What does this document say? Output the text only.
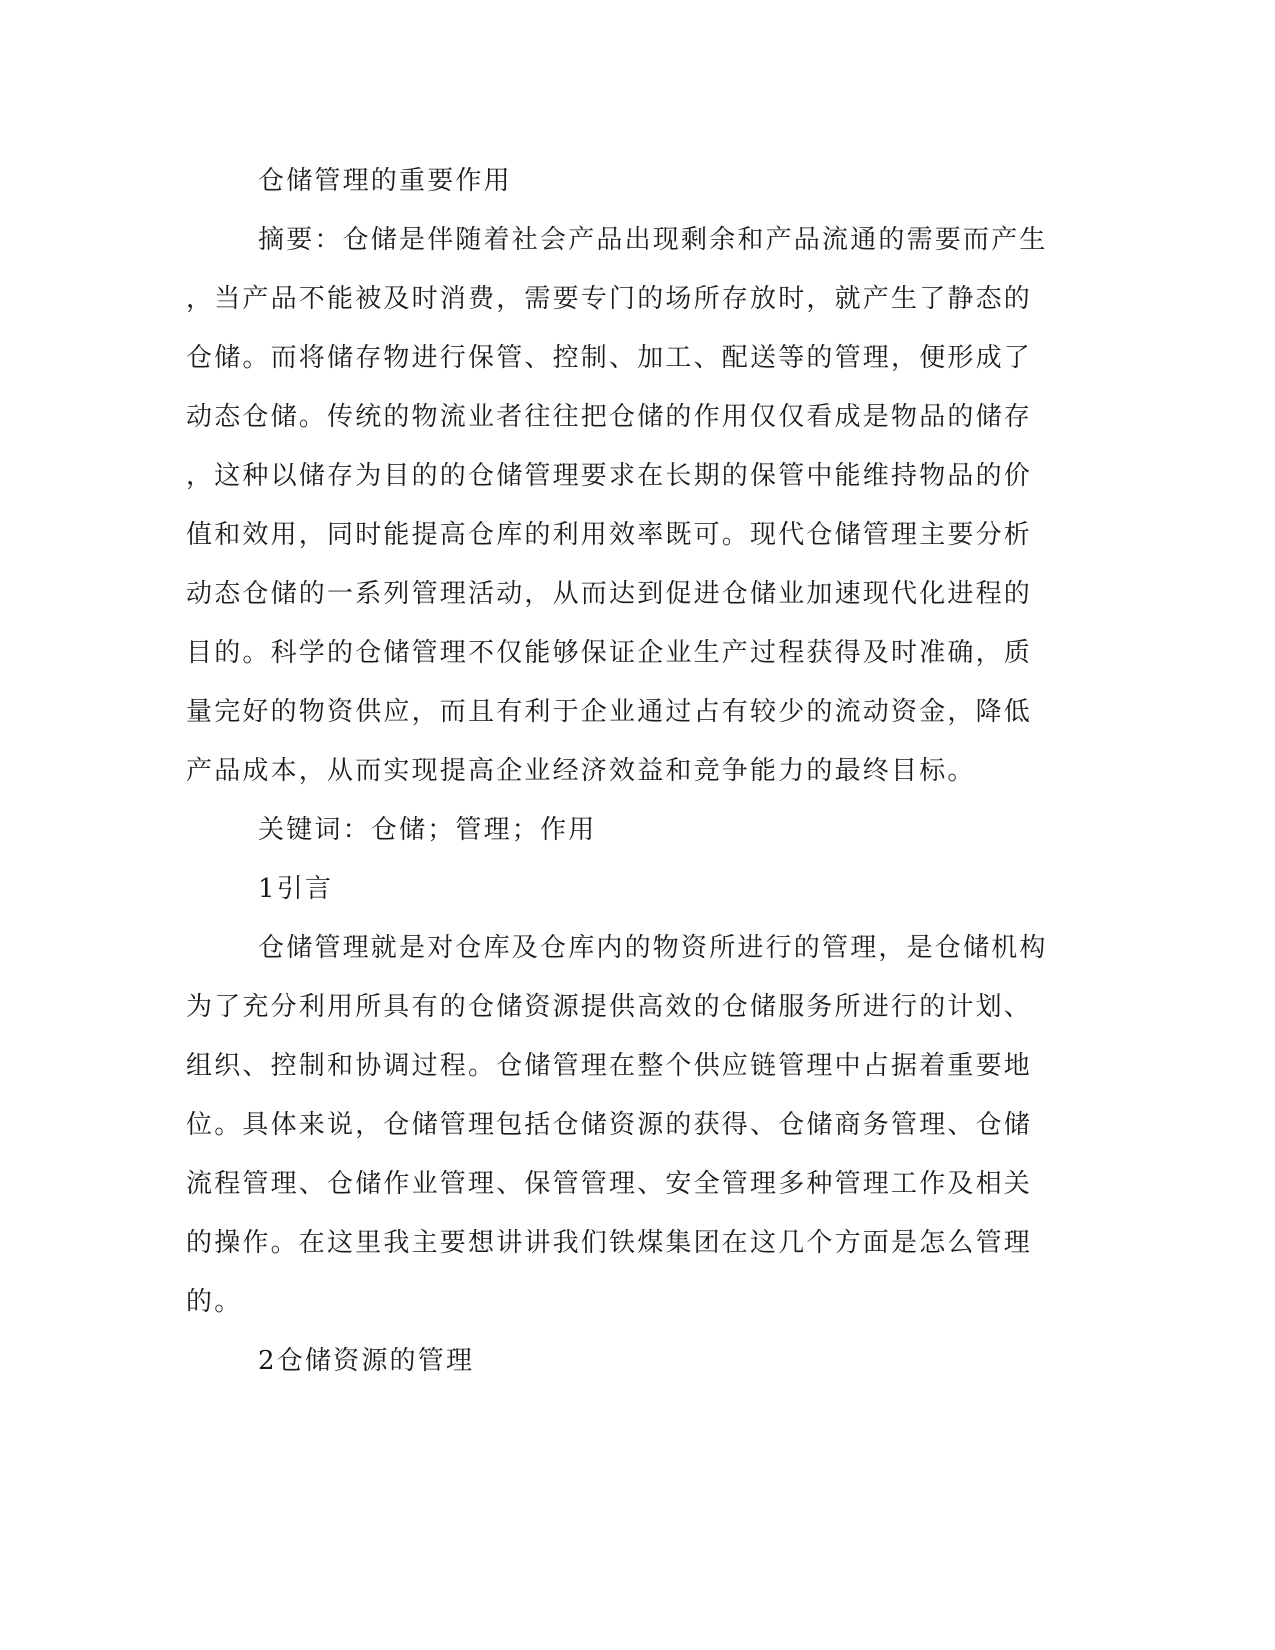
仓储管理的重要作用
摘要：仓储是伴随着社会产品出现剩余和产品流通的需要而产生
，当产品不能被及时消费，需要专门的场所存放时，就产生了静态的
仓储。而将储存物进行保管、控制、加工、配送等的管理，便形成了
动态仓储。传统的物流业者往往把仓储的作用仅仅看成是物品的储存
，这种以储存为目的的仓储管理要求在长期的保管中能维持物品的价
值和效用，同时能提高仓库的利用效率既可。现代仓储管理主要分析
动态仓储的一系列管理活动，从而达到促进仓储业加速现代化进程的
目的。科学的仓储管理不仅能够保证企业生产过程获得及时准确，质
量完好的物资供应，而且有利于企业通过占有较少的流动资金，降低
产品成本，从而实现提高企业经济效益和竞争能力的最终目标。
关键词：仓储；管理；作用
1引言
仓储管理就是对仓库及仓库内的物资所进行的管理，是仓储机构
为了充分利用所具有的仓储资源提供高效的仓储服务所进行的计划、
组织、控制和协调过程。仓储管理在整个供应链管理中占据着重要地
位。具体来说，仓储管理包括仓储资源的获得、仓储商务管理、仓储
流程管理、仓储作业管理、保管管理、安全管理多种管理工作及相关
的操作。在这里我主要想讲讲我们铁煤集团在这几个方面是怎么管理
的。
2仓储资源的管理
